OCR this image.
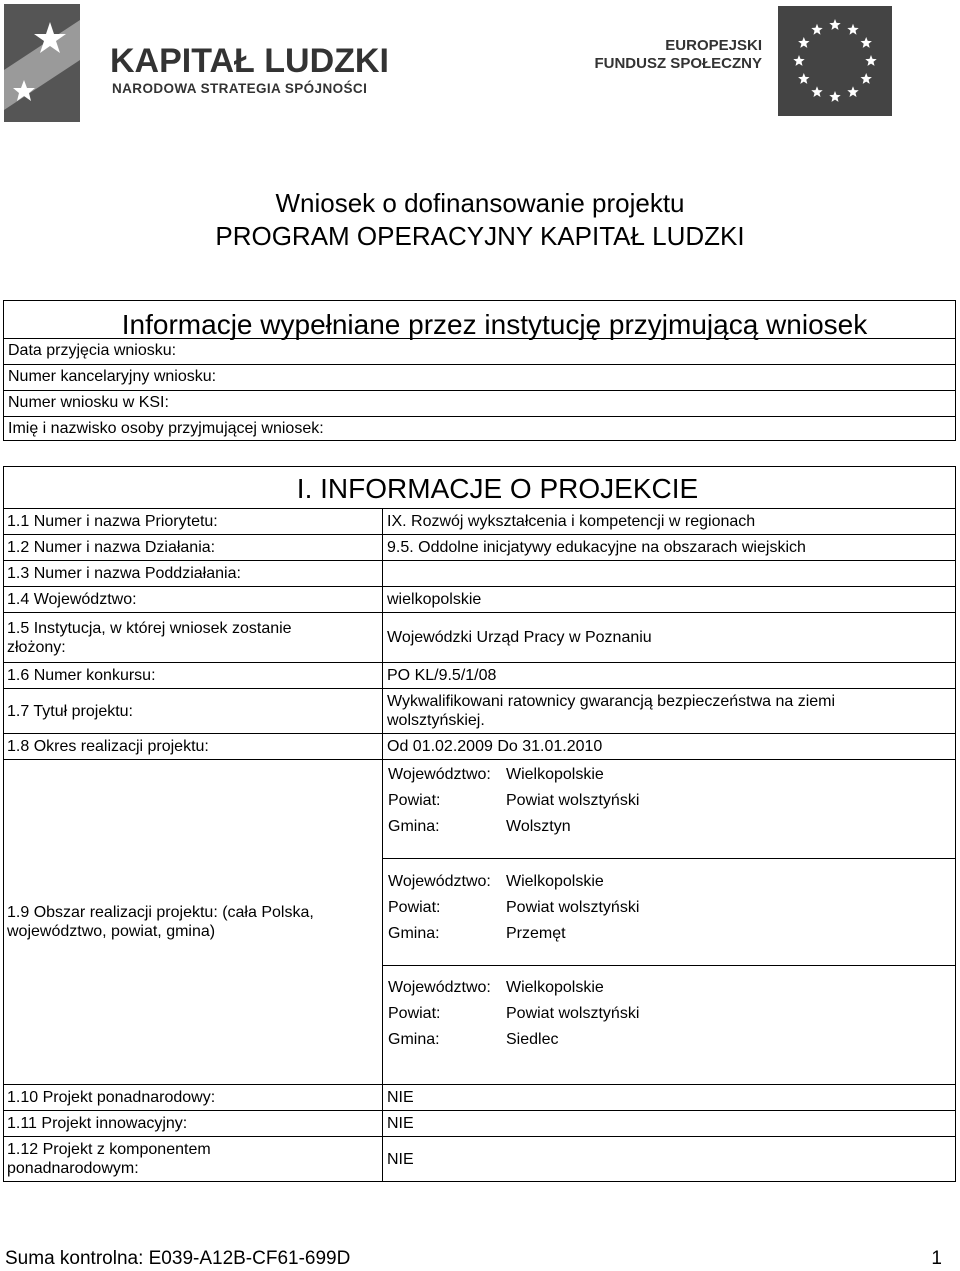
KAPITAŁ LUDZKI
NARODOWA STRATEGIA SPÓJNOŚCI
EUROPEJSKI
FUNDUSZ SPOŁECZNY
Wniosek o dofinansowanie projektu
PROGRAM OPERACYJNY KAPITAŁ LUDZKI
Informacje wypełniane przez instytucję przyjmującą wniosek
Data przyjęcia wniosku:
Numer kancelaryjny wniosku:
Numer wniosku w KSI:
Imię i nazwisko osoby przyjmującej wniosek:
I. INFORMACJE O PROJEKCIE
1.1 Numer i nazwa Priorytetu:	IX. Rozwój wykształcenia i kompetencji w regionach
1.2 Numer i nazwa Działania:	9.5. Oddolne inicjatywy edukacyjne na obszarach wiejskich
1.3 Numer i nazwa Poddziałania:
1.4 Województwo:	wielkopolskie
1.5 Instytucja, w której wniosek zostanie złożony:
Wojewódzki Urząd Pracy w Poznaniu
1.6 Numer konkursu:	PO KL/9.5/1/08
1.7 Tytuł projektu:
Wykwalifikowani ratownicy gwarancją bezpieczeństwa na ziemi wolsztyńskiej.
1.8 Okres realizacji projektu:	Od 01.02.2009 Do 31.01.2010
1.9 Obszar realizacji projektu: (cała Polska, województwo, powiat, gmina)
Województwo: Wielkopolskie
Powiat:	Powiat wolsztyński
Gmina:	Wolsztyn
Województwo: Wielkopolskie
Powiat:	Powiat wolsztyński
Gmina:	Przemęt
Województwo: Wielkopolskie
Powiat:	Powiat wolsztyński
Gmina:	Siedlec
1.10 Projekt ponadnarodowy:	NIE
1.11 Projekt innowacyjny:	NIE
1.12 Projekt z komponentem ponadnarodowym:
NIE
Suma kontrolna: E039-A12B-CF61-699D	1
